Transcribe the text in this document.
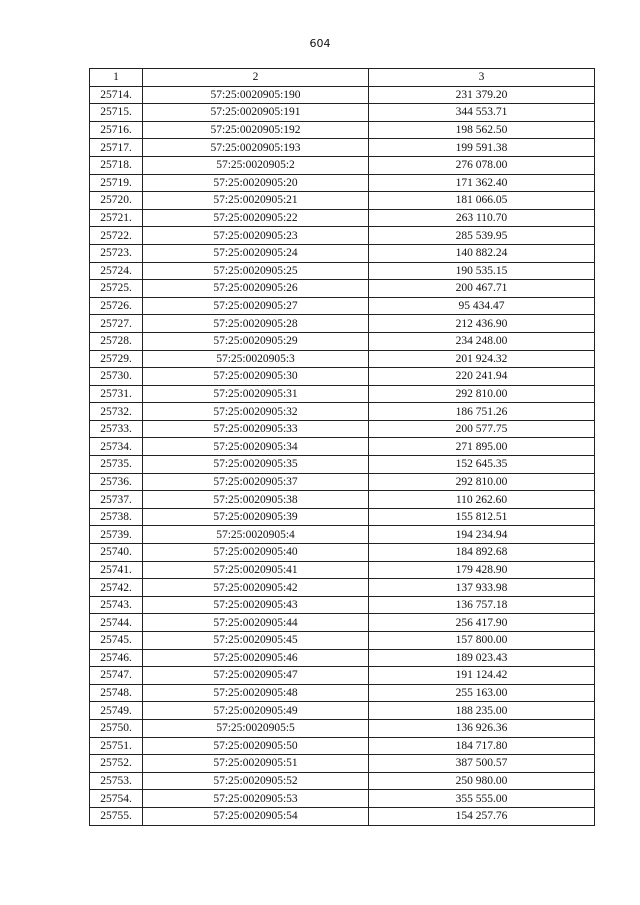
604
1	2	3
25714.	57:25:0020905:190	231 379.20
25715.	57:25:0020905:191	344 553.71
25716.	57:25:0020905:192	198 562.50
25717.	57:25:0020905:193	199 591.38
25718.	57:25:0020905:2	276 078.00
25719.	57:25:0020905:20	171 362.40
25720.	57:25:0020905:21	181 066.05
25721.	57:25:0020905:22	263 110.70
25722.	57:25:0020905:23	285 539.95
25723.	57:25:0020905:24	140 882.24
25724.	57:25:0020905:25	190 535.15
25725.	57:25:0020905:26	200 467.71
25726.	57:25:0020905:27	95 434.47
25727.	57:25:0020905:28	212 436.90
25728.	57:25:0020905:29	234 248.00
25729.	57:25:0020905:3	201 924.32
25730.	57:25:0020905:30	220 241.94
25731.	57:25:0020905:31	292 810.00
25732.	57:25:0020905:32	186 751.26
25733.	57:25:0020905:33	200 577.75
25734.	57:25:0020905:34	271 895.00
25735.	57:25:0020905:35	152 645.35
25736.	57:25:0020905:37	292 810.00
25737.	57:25:0020905:38	110 262.60
25738.	57:25:0020905:39	155 812.51
25739.	57:25:0020905:4	194 234.94
25740.	57:25:0020905:40	184 892.68
25741.	57:25:0020905:41	179 428.90
25742.	57:25:0020905:42	137 933.98
25743.	57:25:0020905:43	136 757.18
25744.	57:25:0020905:44	256 417.90
25745.	57:25:0020905:45	157 800.00
25746.	57:25:0020905:46	189 023.43
25747.	57:25:0020905:47	191 124.42
25748.	57:25:0020905:48	255 163.00
25749.	57:25:0020905:49	188 235.00
25750.	57:25:0020905:5	136 926.36
25751.	57:25:0020905:50	184 717.80
25752.	57:25:0020905:51	387 500.57
25753.	57:25:0020905:52	250 980.00
25754.	57:25:0020905:53	355 555.00
25755.	57:25:0020905:54	154 257.76
